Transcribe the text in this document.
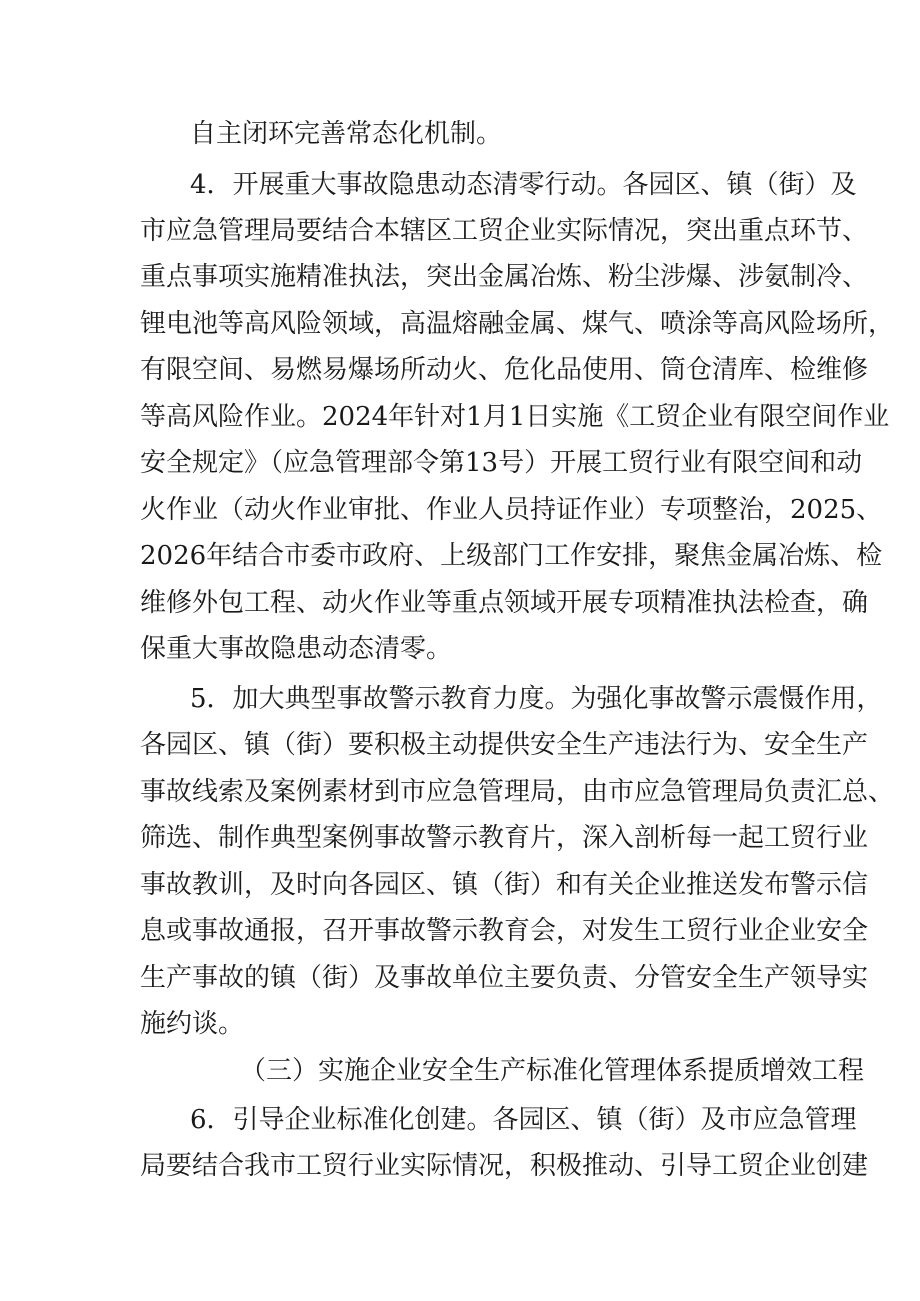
自主闭环完善常态化机制。
4．开展重大事故隐患动态清零行动。各园区、镇（街）及
市应急管理局要结合本辖区工贸企业实际情况，突出重点环节、
重点事项实施精准执法，突出金属冶炼、粉尘涉爆、涉氨制冷、
锂电池等高风险领域，高温熔融金属、煤气、喷涂等高风险场所，
有限空间、易燃易爆场所动火、危化品使用、筒仓清库、检维修
等高风险作业。2024年针对1月1日实施《工贸企业有限空间作业
安全规定》（应急管理部令第13号）开展工贸行业有限空间和动
火作业（动火作业审批、作业人员持证作业）专项整治，2025、
2026年结合市委市政府、上级部门工作安排，聚焦金属冶炼、检
维修外包工程、动火作业等重点领域开展专项精准执法检查，确
保重大事故隐患动态清零。
5．加大典型事故警示教育力度。为强化事故警示震慑作用，
各园区、镇（街）要积极主动提供安全生产违法行为、安全生产
事故线索及案例素材到市应急管理局，由市应急管理局负责汇总、
筛选、制作典型案例事故警示教育片，深入剖析每一起工贸行业
事故教训，及时向各园区、镇（街）和有关企业推送发布警示信
息或事故通报，召开事故警示教育会，对发生工贸行业企业安全
生产事故的镇（街）及事故单位主要负责、分管安全生产领导实
施约谈。
（三）实施企业安全生产标准化管理体系提质增效工程
6．引导企业标准化创建。各园区、镇（街）及市应急管理
局要结合我市工贸行业实际情况，积极推动、引导工贸企业创建
